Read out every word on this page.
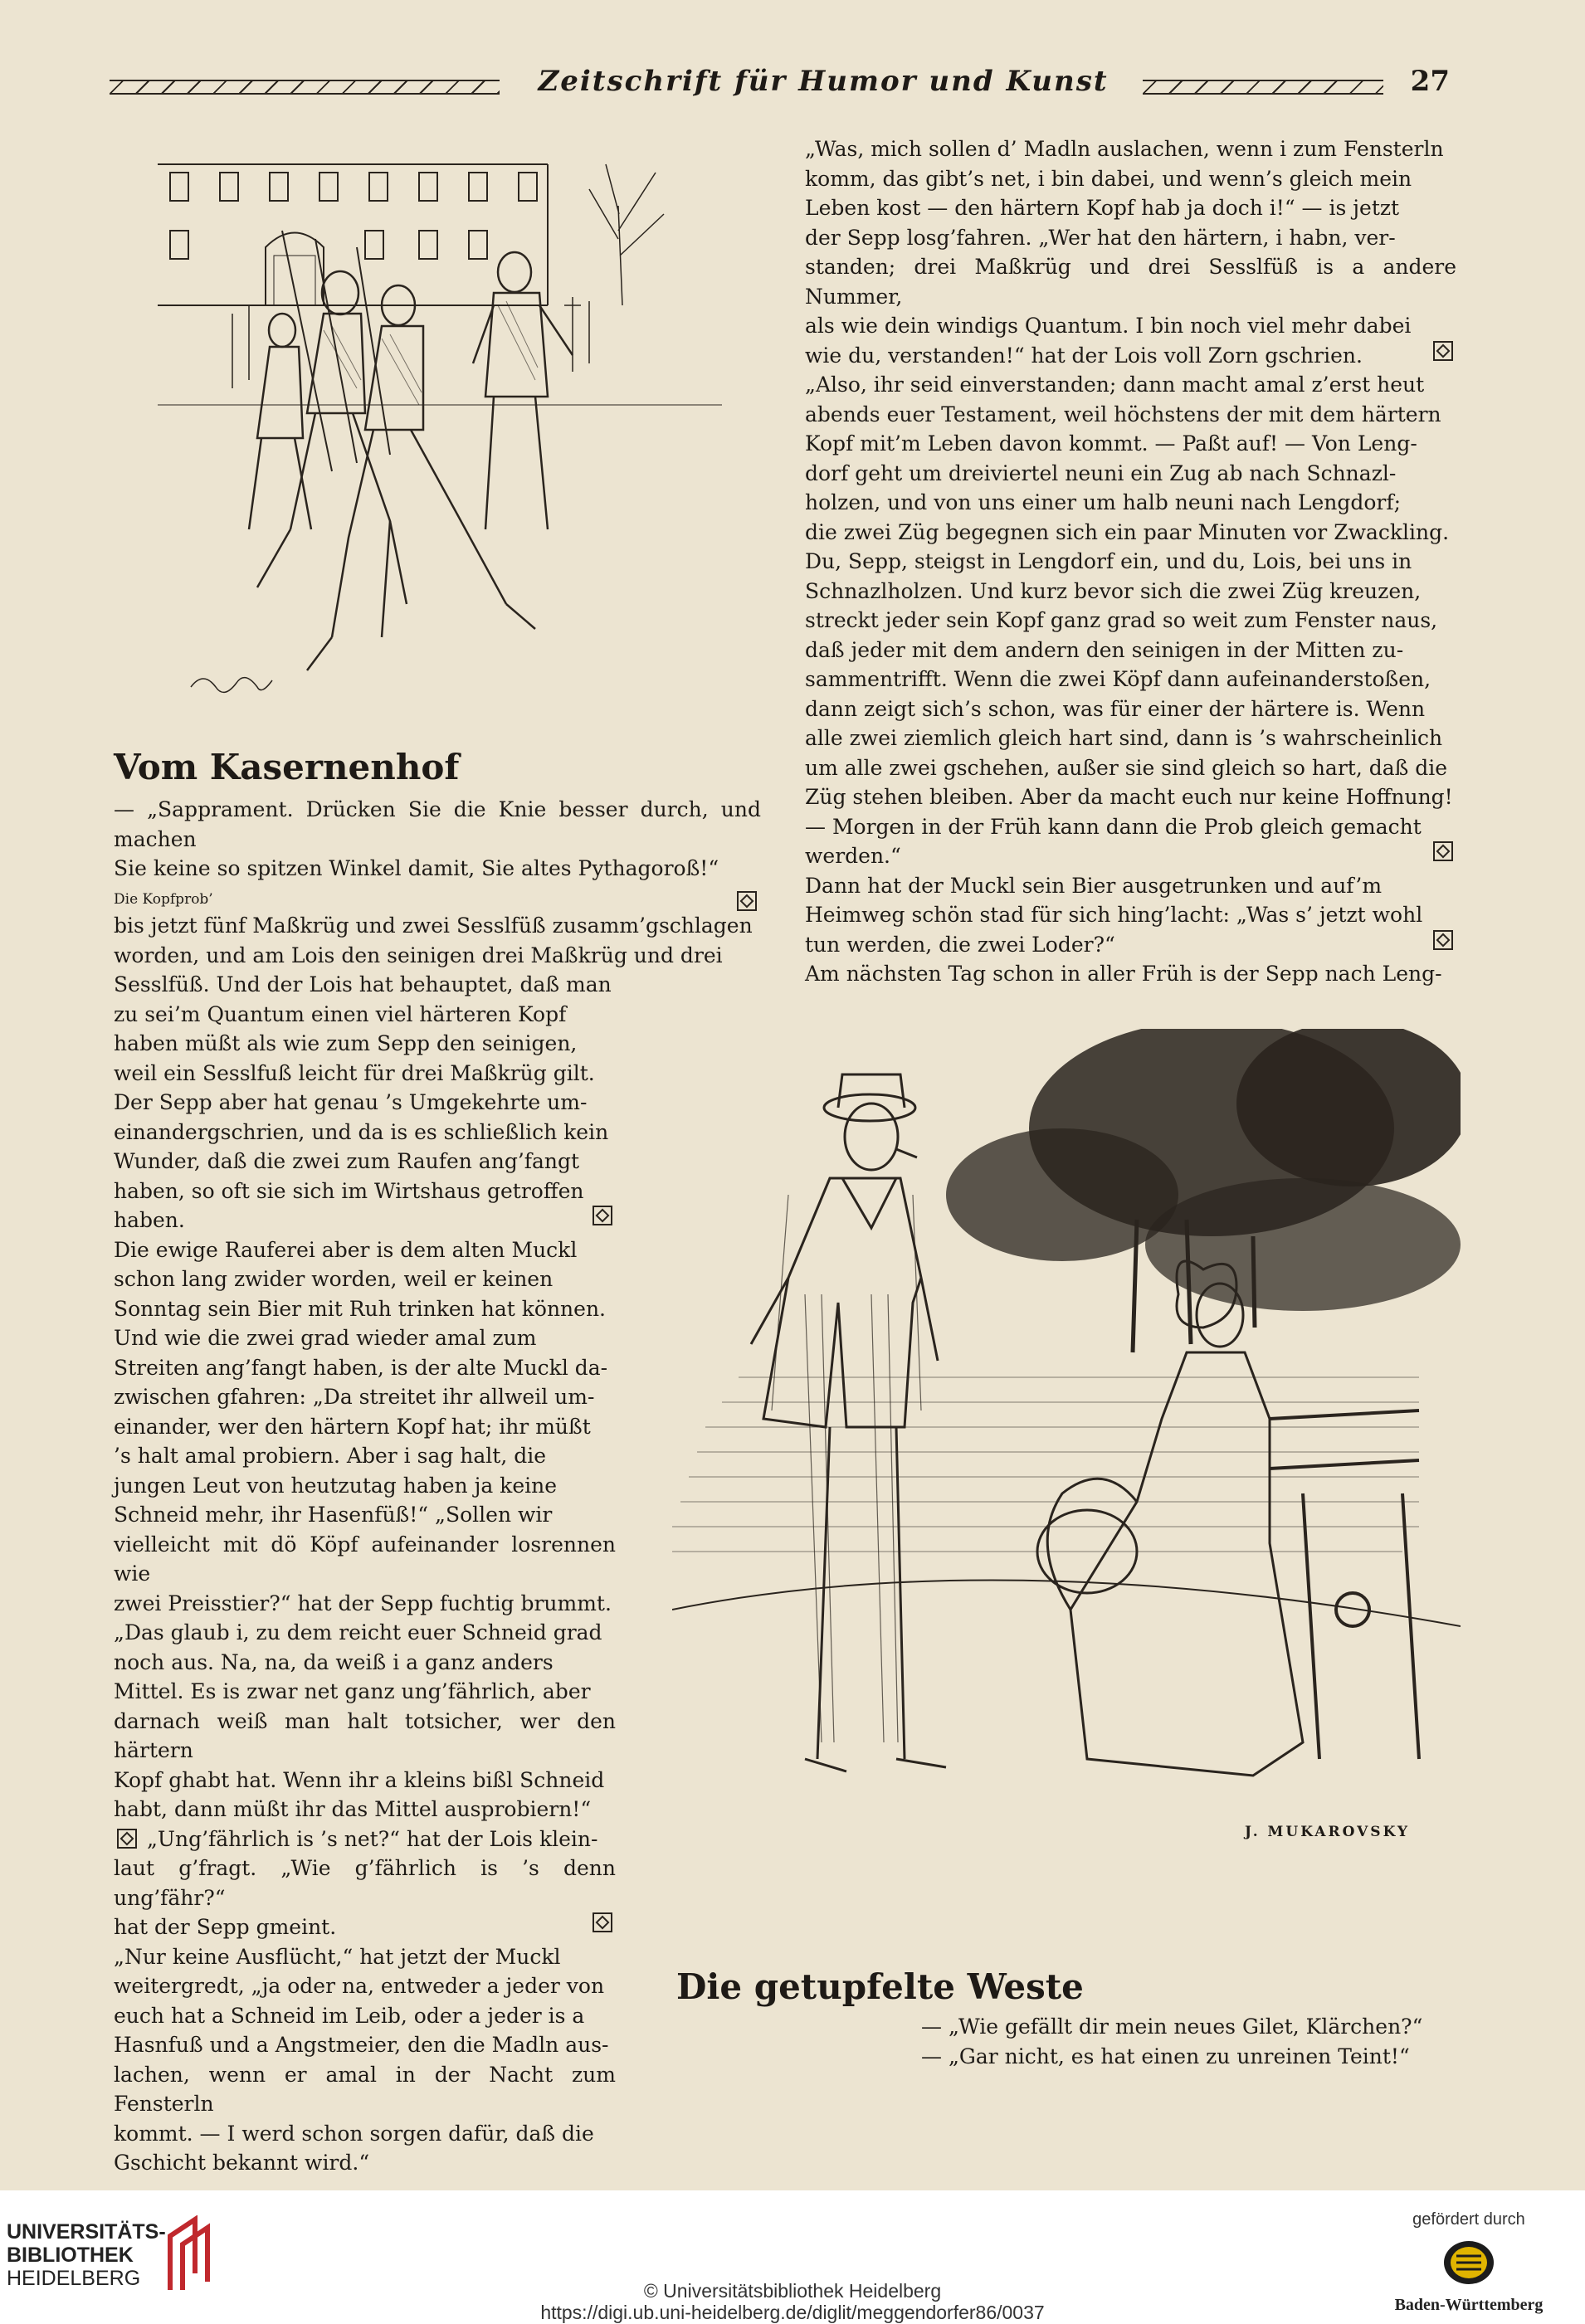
Zeitschrift für Humor und Kunst	27
Vom Kasernenhof
— „Sapprament. Drücken Sie die Knie besser durch, und machen
Sie keine so spitzen Winkel damit, Sie altes Pythagoroß!“
Die Kopfprob’
bis jetzt fünf Maßkrüg und zwei Sesslfüß zusamm’gschlagen
worden, und am Lois den seinigen drei Maßkrüg und drei
Sesslfüß. Und der Lois hat behauptet, daß man
zu sei’m Quantum einen viel härteren Kopf
haben müßt als wie zum Sepp den seinigen,
weil ein Sesslfuß leicht für drei Maßkrüg gilt.
Der Sepp aber hat genau ’s Umgekehrte um-
einandergschrien, und da is es schließlich kein
Wunder, daß die zwei zum Raufen ang’fangt
haben, so oft sie sich im Wirtshaus getroffen
haben.
Die ewige Rauferei aber is dem alten Muckl
schon lang zwider worden, weil er keinen
Sonntag sein Bier mit Ruh trinken hat können.
Und wie die zwei grad wieder amal zum
Streiten ang’fangt haben, is der alte Muckl da-
zwischen gfahren: „Da streitet ihr allweil um-
einander, wer den härtern Kopf hat; ihr müßt
’s halt amal probiern. Aber i sag halt, die
jungen Leut von heutzutag haben ja keine
Schneid mehr, ihr Hasenfüß!“ „Sollen wir
vielleicht mit dö Köpf aufeinander losrennen wie
zwei Preisstier?“ hat der Sepp fuchtig brummt.
„Das glaub i, zu dem reicht euer Schneid grad
noch aus. Na, na, da weiß i a ganz anders
Mittel. Es is zwar net ganz ung’fährlich, aber
darnach weiß man halt totsicher, wer den härtern
Kopf ghabt hat. Wenn ihr a kleins bißl Schneid
habt, dann müßt ihr das Mittel ausprobiern!“
„Ung’fährlich is ’s net?“ hat der Lois klein-
laut g’fragt. „Wie g’fährlich is ’s denn ung’fähr?“
hat der Sepp gmeint.
„Nur keine Ausflücht,“ hat jetzt der Muckl
weitergredt, „ja oder na, entweder a jeder von
euch hat a Schneid im Leib, oder a jeder is a
Hasnfuß und a Angstmeier, den die Madln aus-
lachen, wenn er amal in der Nacht zum Fensterln
kommt. — I werd schon sorgen dafür, daß die
Gschicht bekannt wird.“
„Was, mich sollen d’ Madln auslachen, wenn i zum Fensterln
komm, das gibt’s net, i bin dabei, und wenn’s gleich mein
Leben kost — den härtern Kopf hab ja doch i!“ — is jetzt
der Sepp losg’fahren. „Wer hat den härtern, i habn, ver-
standen; drei Maßkrüg und drei Sesslfüß is a andere Nummer,
als wie dein windigs Quantum. I bin noch viel mehr dabei
wie du, verstanden!“ hat der Lois voll Zorn gschrien.
„Also, ihr seid einverstanden; dann macht amal z’erst heut
abends euer Testament, weil höchstens der mit dem härtern
Kopf mit’m Leben davon kommt. — Paßt auf! — Von Leng-
dorf geht um dreiviertel neuni ein Zug ab nach Schnazl-
holzen, und von uns einer um halb neuni nach Lengdorf;
die zwei Züg begegnen sich ein paar Minuten vor Zwackling.
Du, Sepp, steigst in Lengdorf ein, und du, Lois, bei uns in
Schnazlholzen. Und kurz bevor sich die zwei Züg kreuzen,
streckt jeder sein Kopf ganz grad so weit zum Fenster naus,
daß jeder mit dem andern den seinigen in der Mitten zu-
sammentrifft. Wenn die zwei Köpf dann aufeinanderstoßen,
dann zeigt sich’s schon, was für einer der härtere is. Wenn
alle zwei ziemlich gleich hart sind, dann is ’s wahrscheinlich
um alle zwei gschehen, außer sie sind gleich so hart, daß die
Züg stehen bleiben. Aber da macht euch nur keine Hoffnung!
— Morgen in der Früh kann dann die Prob gleich gemacht
werden.“
Dann hat der Muckl sein Bier ausgetrunken und auf’m
Heimweg schön stad für sich hing’lacht: „Was s’ jetzt wohl
tun werden, die zwei Loder?“
Am nächsten Tag schon in aller Früh is der Sepp nach Leng-
J. MUKAROVSKY
Die getupfelte Weste
— „Wie gefällt dir mein neues Gilet, Klärchen?“
— „Gar nicht, es hat einen zu unreinen Teint!“
UNIVERSITÄTS-
BIBLIOTHEK
HEIDELBERG
© Universitätsbibliothek Heidelberg
https://digi.ub.uni-heidelberg.de/diglit/meggendorfer86/0037
gefördert durch
Baden-Württemberg
